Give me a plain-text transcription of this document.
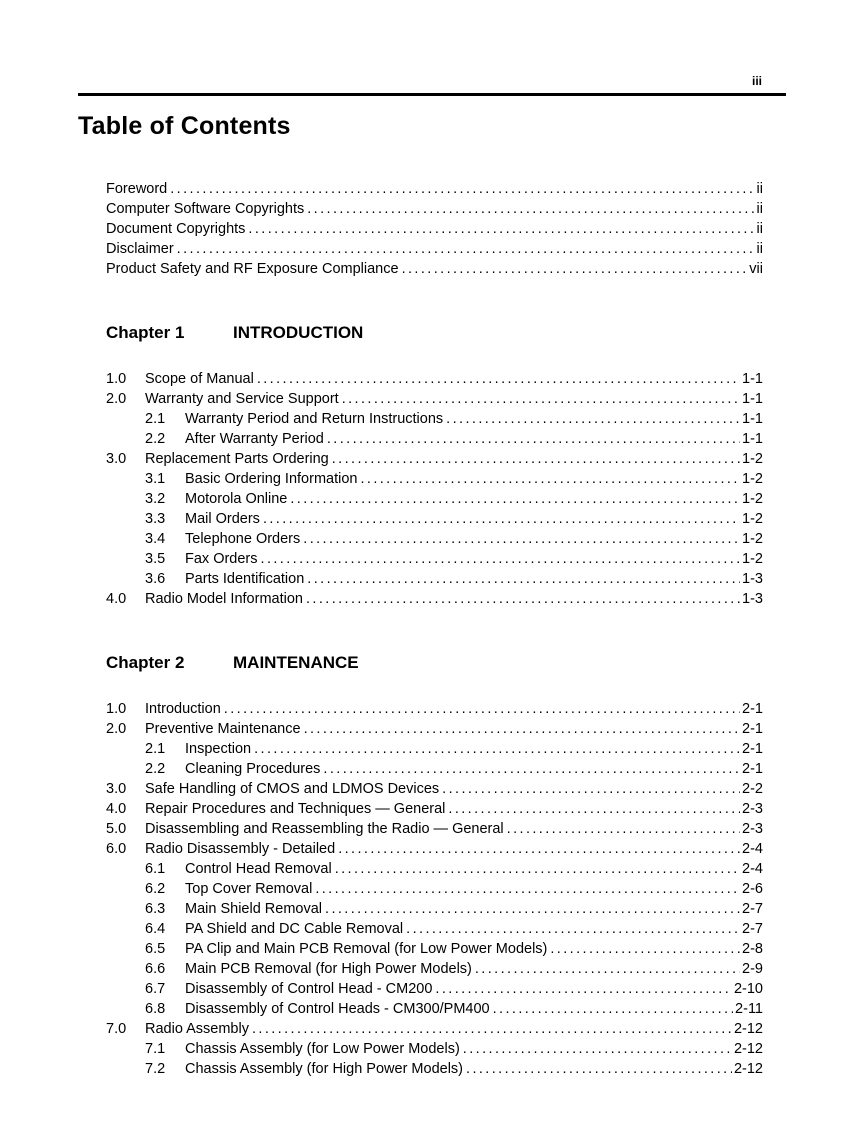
iii
Table of Contents
Foreword .....	ii
Computer Software Copyrights .....	ii
Document Copyrights .....	ii
Disclaimer .....	ii
Product Safety and RF Exposure Compliance .....	vii
Chapter 1	INTRODUCTION
1.0	Scope of Manual .....	1-1
2.0	Warranty and Service Support .....	1-1
2.1	Warranty Period and Return Instructions .....	1-1
2.2	After Warranty Period .....	1-1
3.0	Replacement Parts Ordering .....	1-2
3.1	Basic Ordering Information .....	1-2
3.2	Motorola Online .....	1-2
3.3	Mail Orders .....	1-2
3.4	Telephone Orders .....	1-2
3.5	Fax Orders .....	1-2
3.6	Parts Identification .....	1-3
4.0	Radio Model Information .....	1-3
Chapter 2	MAINTENANCE
1.0	Introduction .....	2-1
2.0	Preventive Maintenance .....	2-1
2.1	Inspection .....	2-1
2.2	Cleaning Procedures .....	2-1
3.0	Safe Handling of CMOS and LDMOS Devices .....	2-2
4.0	Repair Procedures and Techniques — General .....	2-3
5.0	Disassembling and Reassembling the Radio — General .....	2-3
6.0	Radio Disassembly - Detailed .....	2-4
6.1	Control Head Removal .....	2-4
6.2	Top Cover Removal .....	2-6
6.3	Main Shield Removal .....	2-7
6.4	PA Shield and DC Cable Removal .....	2-7
6.5	PA Clip and Main PCB Removal (for Low Power Models) .....	2-8
6.6	Main PCB Removal (for High Power Models) .....	2-9
6.7	Disassembly of Control Head - CM200 .....	2-10
6.8	Disassembly of Control Heads - CM300/PM400 .....	2-11
7.0	Radio Assembly .....	2-12
7.1	Chassis Assembly (for Low Power Models) .....	2-12
7.2	Chassis Assembly (for High Power Models) .....	2-12
